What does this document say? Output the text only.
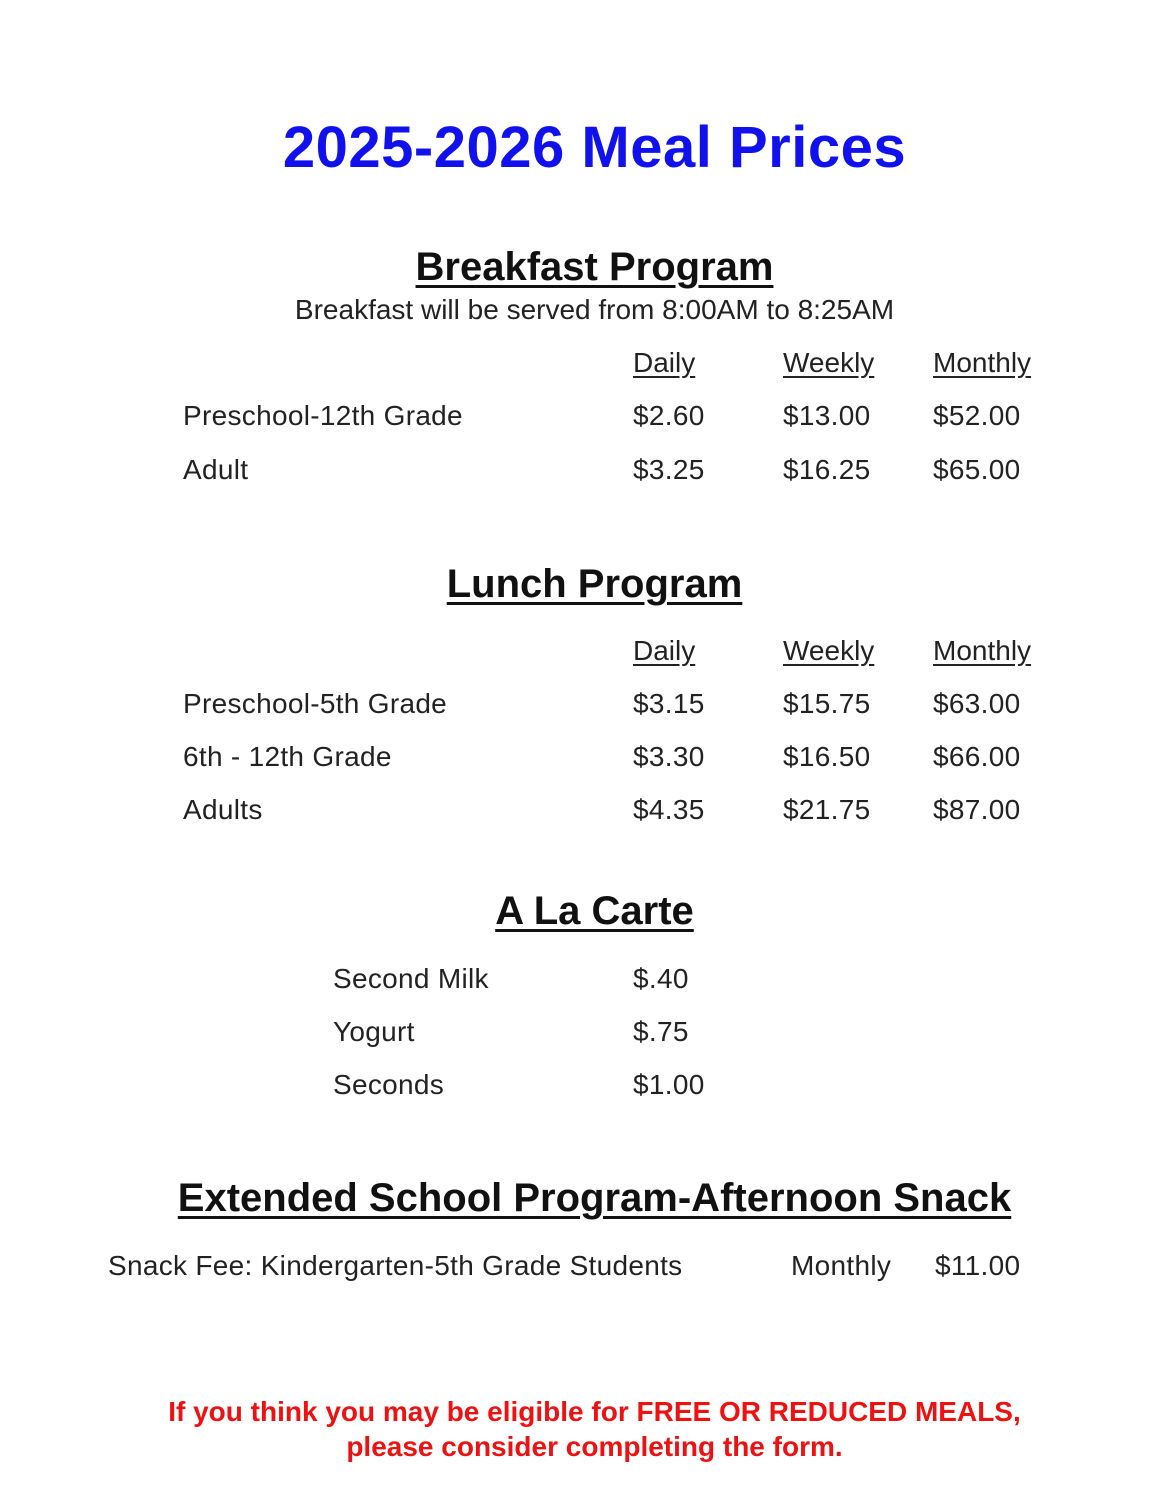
2025-2026 Meal Prices
Breakfast Program
Breakfast will be served from 8:00AM to 8:25AM
Daily	Weekly Monthly
Preschool-12th Grade	$2.60	$13.00 $52.00
Adult	$3.25	$16.25 $65.00
Lunch Program
Daily	Weekly Monthly
Preschool-5th Grade	$3.15	$15.75 $63.00
6th - 12th Grade	$3.30	$16.50 $66.00
Adults	$4.35	$21.75 $87.00
A La Carte
Second Milk	$.40
Yogurt	$.75
Seconds	$1.00
Extended School Program-Afternoon Snack
Snack Fee: Kindergarten-5th Grade Students	Monthly $11.00
If you think you may be eligible for FREE OR REDUCED MEALS,
please consider completing the form.
